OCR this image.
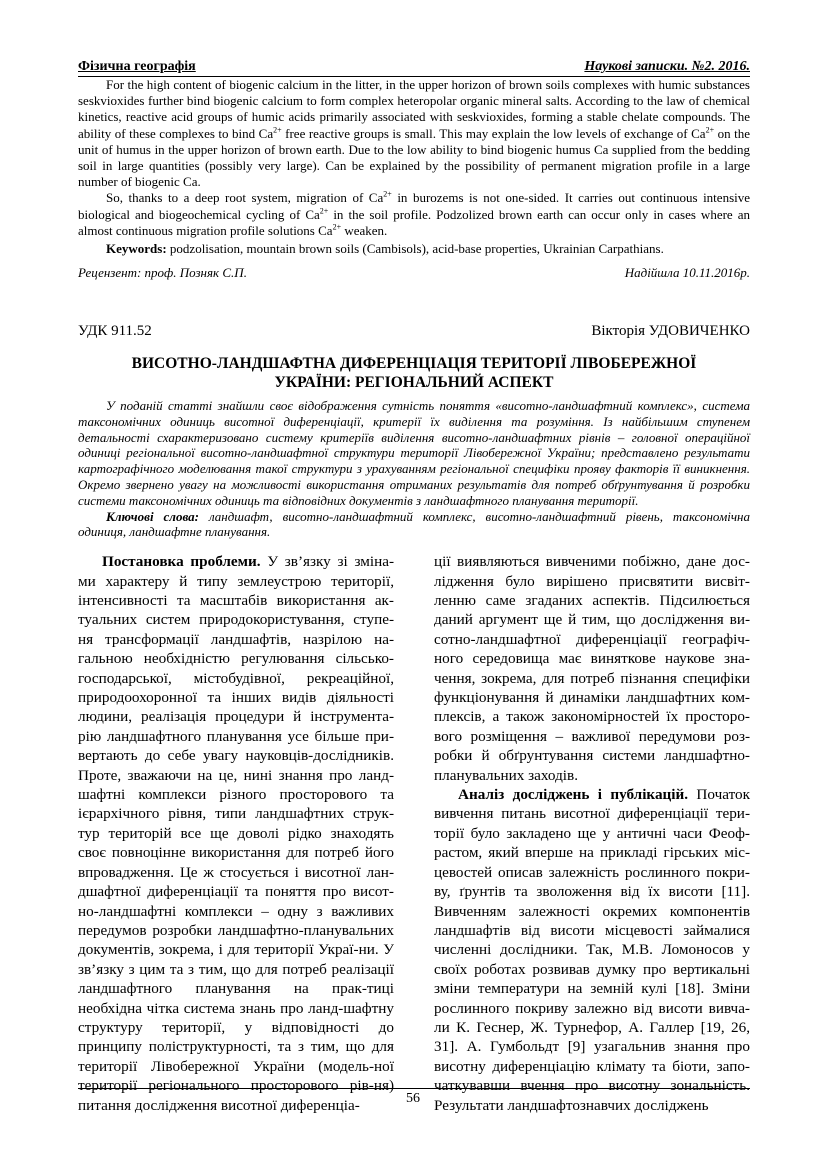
Фізична географія	Наукові записки. №2. 2016.

For the high content of biogenic calcium in the litter, in the upper horizon of brown soils complexes with humic substances seskvioxides further bind biogenic calcium to form complex heteropolar organic mineral salts. According to the law of chemical kinetics, reactive acid groups of humic acids primarily associated with seskvioxides, forming a stable chelate compounds. The ability of these complexes to bind $Ca^{2+}$ free reactive groups is small. This may explain the low levels of exchange of $Ca^{2+}$ on the unit of humus in the upper horizon of brown earth. Due to the low ability to bind biogenic humus Ca supplied from the bedding soil in large quantities (possibly very large). Can be explained by the possibility of permanent migration profile in a large number of biogenic Ca.

So, thanks to a deep root system, migration of $Ca^{2+}$ in burozems is not one-sided. It carries out continuous intensive biological and biogeochemical cycling of $Ca^{2+}$ in the soil profile. Podzolized brown earth can occur only in cases where an almost continuous migration profile solutions $Ca^{2+}$ weaken.

Keywords: podzolisation, mountain brown soils (Cambisols), acid-base properties, Ukrainian Carpathians.

Рецензент: проф. Позняк С.П.	Надійшла 10.11.2016р.
УДК 911.52	Вікторія УДОВИЧЕНКО
ВИСОТНО-ЛАНДШАФТНА ДИФЕРЕНЦІАЦІЯ ТЕРИТОРІЇ ЛІВОБЕРЕЖНОЇ
УКРАЇНИ: РЕГІОНАЛЬНИЙ АСПЕКТ

У поданій статті знайшли своє відображення сутність поняття «висотно-ландшафтний комплекс», система таксономічних одиниць висотної диференціації, критерії їх виділення та розуміння. Із найбільшим ступенем детальності схарактеризовано систему критеріїв виділення висотно-ландшафтних рівнів – головної операційної одиниці регіональної висотно-ландшафтної структури території Лівобережної України; представлено результати картографічного моделювання такої структури з урахуванням регіональної специфіки прояву факторів її виникнення. Окремо звернено увагу на можливості використання отриманих результатів для потреб обґрунтування й розробки системи таксономічних одиниць та відповідних документів з ландшафтного планування території.

Ключові слова: ландшафт, висотно-ландшафтний комплекс, висотно-ландшафтний рівень, таксономічна одиниця, ландшафтне планування.

Постановка проблеми. У зв’язку зі зміна-ми характеру й типу землеустрою території, інтенсивності та масштабів використання ак-туальних систем природокористування, ступе-ня трансформації ландшафтів, назрілою на-гальною необхідністю регулювання сільсько-господарської, містобудівної, рекреаційної, природоохоронної та інших видів діяльності людини, реалізація процедури й інструмента-рію ландшафтного планування усе більше при-вертають до себе увагу науковців-дослідників. Проте, зважаючи на це, нині знання про ланд-шафтні комплекси різного просторового та ієрархічного рівня, типи ландшафтних струк-тур територій все ще доволі рідко знаходять своє повноцінне використання для потреб його впровадження. Це ж стосується і висотної лан-дшафтної диференціації та поняття про висот-но-ландшафтні комплекси – одну з важливих передумов розробки ландшафтно-планувальних документів, зокрема, і для території Украї-ни. У зв’язку з цим та з тим, що для потреб реалізації ландшафтного планування на прак-тиці необхідна чітка система знань про ланд-шафтну структуру території, у відповідності до принципу поліструктурності, та з тим, що для території Лівобережної України (модель-ної території регіонального просторового рів-ня) питання дослідження висотної диференціа-

ції виявляються вивченими побіжно, дане дос-лідження було вирішено присвятити висвіт-ленню саме згаданих аспектів. Підсилюється даний аргумент ще й тим, що дослідження ви-сотно-ландшафтної диференціації географіч-ного середовища має виняткове наукове зна-чення, зокрема, для потреб пізнання специфіки функціонування й динаміки ландшафтних ком-плексів, а також закономірностей їх просторо-вого розміщення – важливої передумови роз-робки й обґрунтування системи ландшафтно-планувальних заходів.

Аналіз досліджень і публікацій. Початок вивчення питань висотної диференціації тери-торії було закладено ще у античні часи Феоф-растом, який вперше на прикладі гірських міс-цевостей описав залежність рослинного покри-ву, ґрунтів та зволоження від їх висоти [11]. Вивченням залежності окремих компонентів ландшафтів від висоти місцевості займалися численні дослідники. Так, М.В. Ломоносов у своїх роботах розвивав думку про вертикальні зміни температури на земній кулі [18]. Зміни рослинного покриву залежно від висоти вивча-ли К. Геснер, Ж. Турнефор, А. Галлер [19, 26, 31]. А. Гумбольдт [9] узагальнив знання про висотну диференціацію клімату та біоти, запо-чаткувавши вчення про висотну зональність. Результати ландшафтознавчих досліджень

56
